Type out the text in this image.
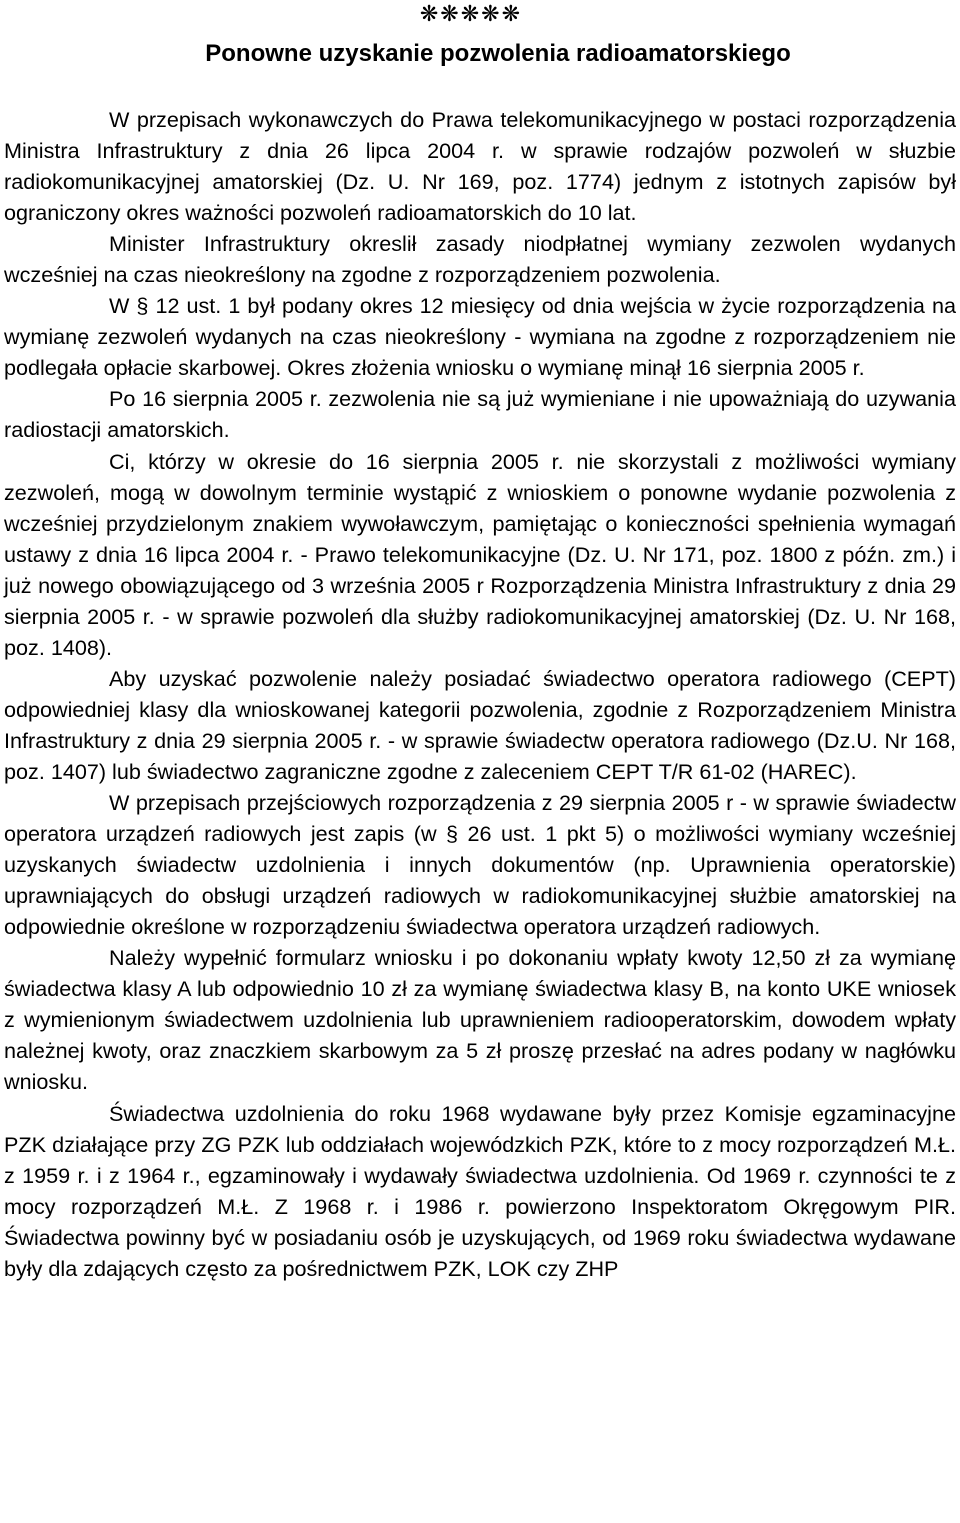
❋❋❋❋❋
Ponowne uzyskanie pozwolenia radioamatorskiego

W przepisach wykonawczych do Prawa telekomunikacyjnego w postaci rozporządzenia Ministra Infrastruktury z dnia 26 lipca 2004 r. w sprawie rodzajów pozwoleń w słuzbie radiokomunikacyjnej amatorskiej (Dz. U. Nr 169, poz. 1774) jednym z istotnych zapisów był ograniczony okres ważności pozwoleń radioamatorskich do 10 lat.

Minister Infrastruktury okreslił zasady niodpłatnej wymiany zezwolen wydanych wcześniej na czas nieokreślony na zgodne z rozporządzeniem pozwolenia.

W § 12 ust. 1 był podany okres 12 miesięcy od dnia wejścia w życie rozporządzenia na wymianę zezwoleń wydanych na czas nieokreślony - wymiana na zgodne z rozporządzeniem nie podlegała opłacie skarbowej. Okres złożenia wniosku o wymianę minął 16 sierpnia 2005 r.

Po 16 sierpnia 2005 r. zezwolenia nie są już wymieniane i nie upoważniają do uzywania radiostacji amatorskich.

Ci, którzy w okresie do 16 sierpnia 2005 r. nie skorzystali z możliwości wymiany zezwoleń, mogą w dowolnym terminie wystąpić z wnioskiem o ponowne wydanie pozwolenia z wcześniej przydzielonym znakiem wywoławczym, pamiętając o konieczności spełnienia wymagań ustawy z dnia 16 lipca 2004 r. - Prawo telekomunikacyjne (Dz. U. Nr 171, poz. 1800 z późn. zm.) i już nowego obowiązującego od 3 września 2005 r Rozporządzenia Ministra Infrastruktury z dnia 29 sierpnia 2005 r. - w sprawie pozwoleń dla służby radiokomunikacyjnej amatorskiej (Dz. U. Nr 168, poz. 1408).

Aby uzyskać pozwolenie należy posiadać świadectwo operatora radiowego (CEPT) odpowiedniej klasy dla wnioskowanej kategorii pozwolenia, zgodnie z Rozporządzeniem Ministra Infrastruktury z dnia 29 sierpnia 2005 r. - w sprawie świadectw operatora radiowego (Dz.U. Nr 168, poz. 1407) lub świadectwo zagraniczne zgodne z zaleceniem CEPT T/R 61-02 (HAREC).

W przepisach przejściowych rozporządzenia z 29 sierpnia 2005 r - w sprawie świadectw operatora urządzeń radiowych jest zapis (w § 26 ust. 1 pkt 5) o możliwości wymiany wcześniej uzyskanych świadectw uzdolnienia i innych dokumentów (np. Uprawnienia operatorskie) uprawniających do obsługi urządzeń radiowych w radiokomunikacyjnej służbie amatorskiej na odpowiednie określone w rozporządzeniu świadectwa operatora urządzeń radiowych.

Należy wypełnić formularz wniosku i po dokonaniu wpłaty kwoty 12,50 zł za wymianę świadectwa klasy A lub odpowiednio 10 zł za wymianę świadectwa klasy B, na konto UKE wniosek z wymienionym świadectwem uzdolnienia lub uprawnieniem radiooperatorskim, dowodem wpłaty należnej kwoty, oraz znaczkiem skarbowym za 5 zł proszę przesłać na adres podany w nagłówku wniosku.

Świadectwa uzdolnienia do roku 1968 wydawane były przez Komisje egzaminacyjne PZK działające przy ZG PZK lub oddziałach wojewódzkich PZK, które to z mocy rozporządzeń M.Ł. z 1959 r. i z 1964 r., egzaminowały i wydawały świadectwa uzdolnienia. Od 1969 r. czynności te z mocy rozporządzeń M.Ł. Z 1968 r. i 1986 r. powierzono Inspektoratom Okręgowym PIR. Świadectwa powinny być w posiadaniu osób je uzyskujących, od 1969 roku świadectwa wydawane były dla zdających często za pośrednictwem PZK, LOK czy ZHP
